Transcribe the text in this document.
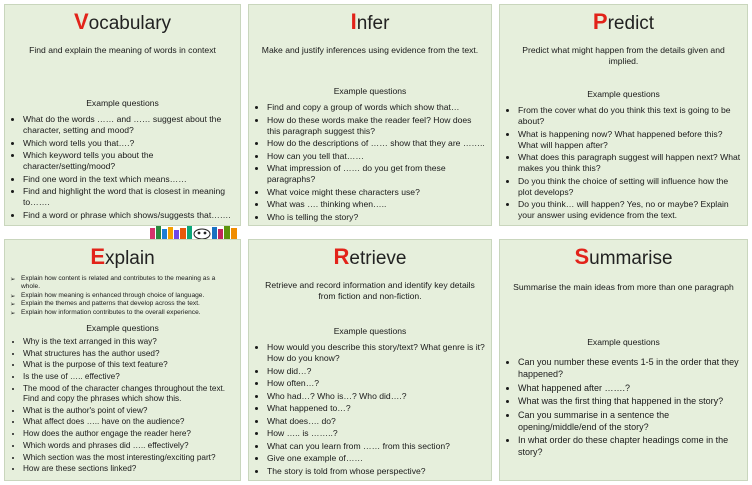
Vocabulary
Find and explain the meaning of words in context
Example questions
• What do the words …… and …… suggest about the character, setting and mood?
• Which word tells you that….?
• Which keyword tells you about the character/setting/mood?
• Find one word in the text which means……
• Find and highlight the word that is closest in meaning to…….
• Find a word or phrase which shows/suggests that…….
Infer
Make and justify inferences using evidence from the text.
Example questions
• Find and copy a group of words which show that…
• How do these words make the reader feel? How does this paragraph suggest this?
• How do the descriptions of …… show that they are ……..
• How can you tell that……
• What impression of …… do you get from these paragraphs?
• What voice might these characters use?
• What was …. thinking when…..
• Who is telling the story?
Predict
Predict what might happen from the details given and implied.
Example questions
• From the cover what do you think this text is going to be about?
• What is happening now? What happened before this? What will happen after?
• What does this paragraph suggest will happen next? What makes you think this?
• Do you think the choice of setting will influence how the plot develops?
• Do you think… will happen? Yes, no or maybe? Explain your answer using evidence from the text.
Explain
➢ Explain how content is related and contributes to the meaning as a whole.
➢ Explain how meaning is enhanced through choice of language.
➢ Explain the themes and patterns that develop across the text.
➢ Explain how information contributes to the overall experience.
Example questions
• Why is the text arranged in this way?
• What structures has the author used?
• What is the purpose of this text feature?
• Is the use of ….. effective?
• The mood of the character changes throughout the text. Find and copy the phrases which show this.
• What is the author's point of view?
• What affect does ….. have on the audience?
• How does the author engage the reader here?
• Which words and phrases did ….. effectively?
• Which section was the most interesting/exciting part?
• How are these sections linked?
Retrieve
Retrieve and record information and identify key details from fiction and non-fiction.
Example questions
• How would you describe this story/text? What genre is it? How do you know?
• How did…?
• How often…?
• Who had…? Who is…? Who did….?
• What happened to…?
• What does…. do?
• How ….. is ……..?
• What can you learn from …… from this section?
• Give one example of……
• The story is told from whose perspective?
Summarise
Summarise the main ideas from more than one paragraph
Example questions
• Can you number these events 1-5 in the order that they happened?
• What happened after …….?
• What was the first thing that happened in the story?
• Can you summarise in a sentence the opening/middle/end of the story?
• In what order do these chapter headings come in the story?
